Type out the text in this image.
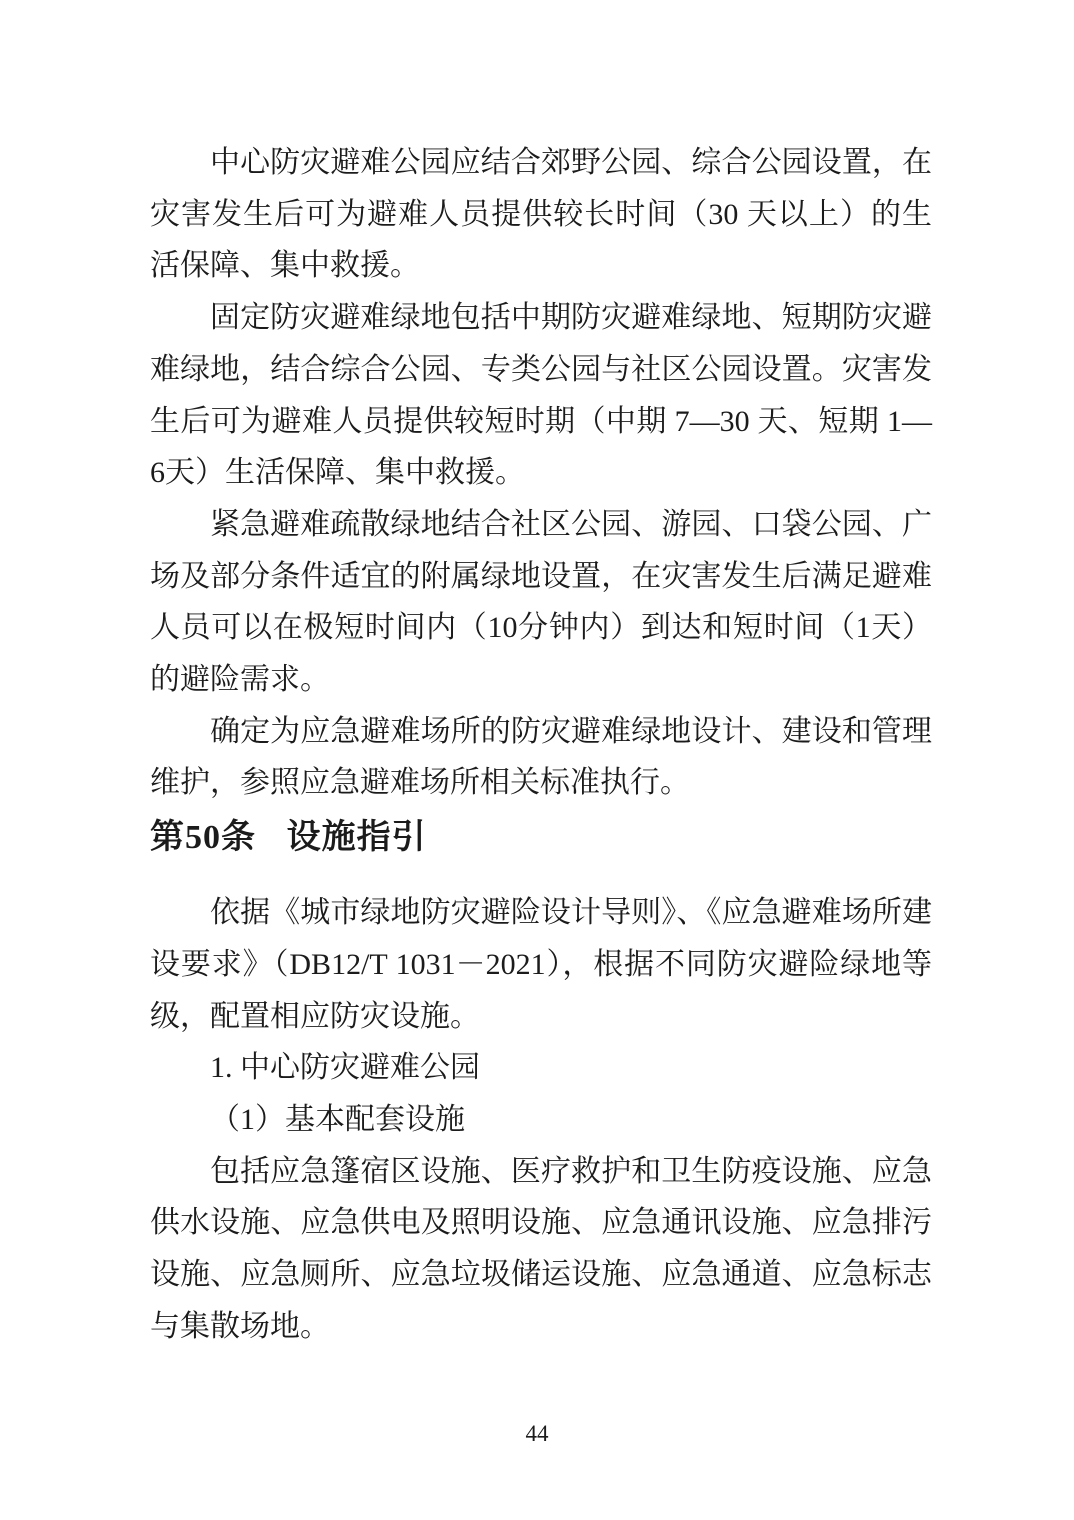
中心防灾避难公园应结合郊野公园、综合公园设置，在灾害发生后可为避难人员提供较长时间（30 天以上）的生活保障、集中救援。

固定防灾避难绿地包括中期防灾避难绿地、短期防灾避难绿地，结合综合公园、专类公园与社区公园设置。灾害发生后可为避难人员提供较短时期（中期 7—30 天、短期 1—6天）生活保障、集中救援。

紧急避难疏散绿地结合社区公园、游园、口袋公园、广场及部分条件适宜的附属绿地设置，在灾害发生后满足避难人员可以在极短时间内（10分钟内）到达和短时间（1天）的避险需求。

确定为应急避难场所的防灾避难绿地设计、建设和管理维护，参照应急避难场所相关标准执行。

第50条 设施指引

依据《城市绿地防灾避险设计导则》、《应急避难场所建设要求》（DB12/T 1031－2021），根据不同防灾避险绿地等级，配置相应防灾设施。

1. 中心防灾避难公园

（1）基本配套设施

包括应急篷宿区设施、医疗救护和卫生防疫设施、应急供水设施、应急供电及照明设施、应急通讯设施、应急排污设施、应急厕所、应急垃圾储运设施、应急通道、应急标志与集散场地。

44
